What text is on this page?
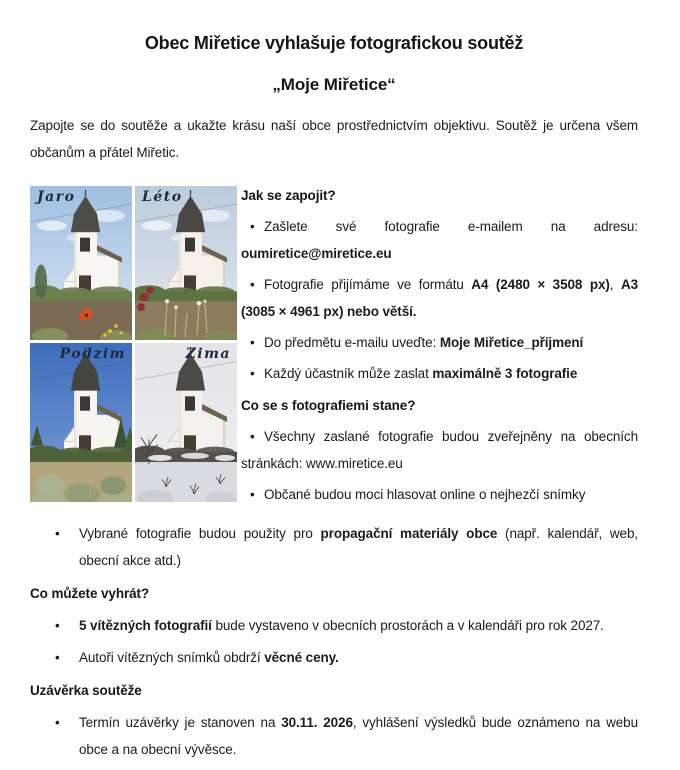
Obec Miřetice vyhlašuje fotografickou soutěž
„Moje Miřetice“

Zapojte se do soutěže a ukažte krásu naší obce prostřednictvím objektivu. Soutěž je určena všem občanům a přátel Miřetic.

Jaro	Léto
Podzim	Zima
Jak se zapojit?

• Zašlete své fotografie e-mailem na adresu: oumiretice@miretice.eu

• Fotografie přijímáme ve formátu A4 (2480 × 3508 px), A3 (3085 × 4961 px) nebo větší.

• Do předmětu e-mailu uveďte: Moje Miřetice_příjmení

• Každý účastník může zaslat maximálně 3 fotografie

Co se s fotografiemi stane?

• Všechny zaslané fotografie budou zveřejněny na obecních stránkách: www.miretice.eu

• Občané budou moci hlasovat online o nejhezčí snímky

• Vybrané fotografie budou použity pro propagační materiály obce (např. kalendář, web, obecní akce atd.)

Co můžete vyhrát?

• 5 vítězných fotografií bude vystaveno v obecních prostorách a v kalendáři pro rok 2027.

• Autoři vítězných snímků obdrží věcné ceny.

Uzávěrka soutěže

• Termín uzávěrky je stanoven na 30.11. 2026, vyhlášení výsledků bude oznámeno na webu obce a na obecní vývěsce.
